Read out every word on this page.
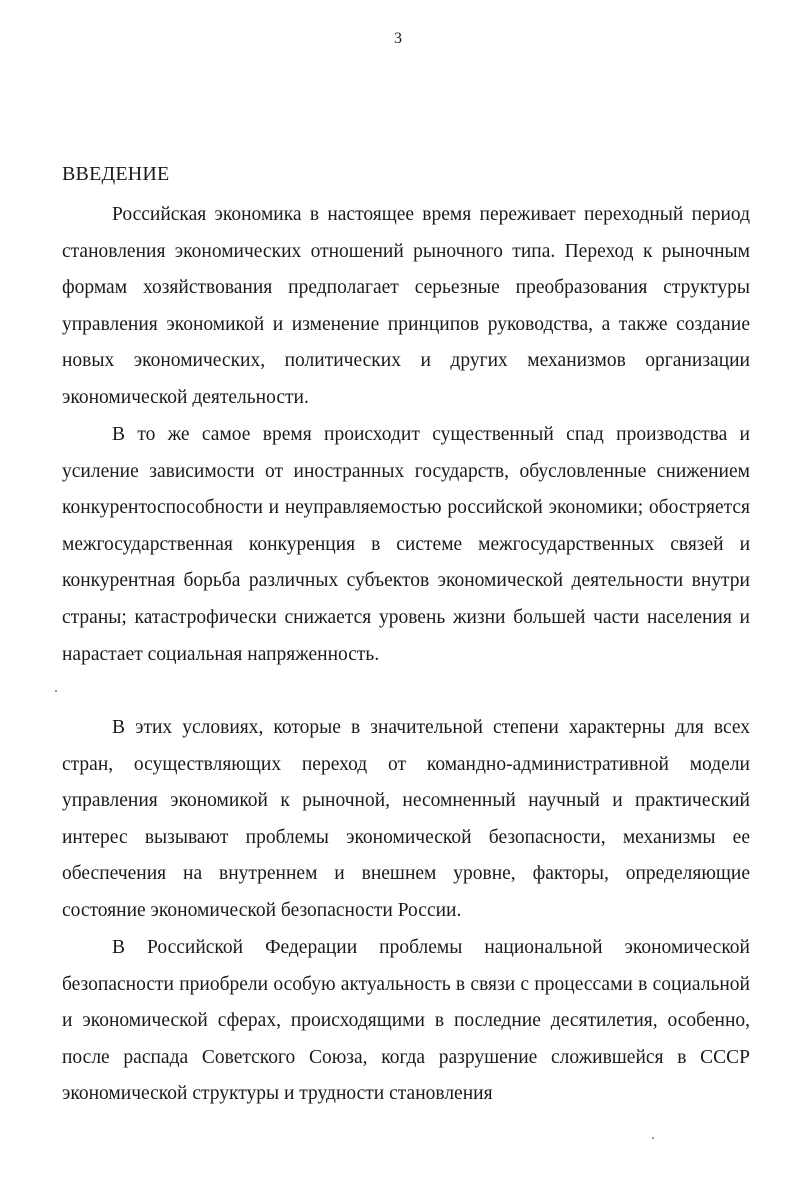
3
ВВЕДЕНИЕ

Российская экономика в настоящее время переживает переходный период становления экономических отношений рыночного типа. Переход к рыночным формам хозяйствования предполагает серьезные преобразования структуры управления экономикой и изменение принципов руководства, а также создание новых экономических, политических и других механизмов организации экономической деятельности.

В то же самое время происходит существенный спад производства и усиление зависимости от иностранных государств, обусловленные снижением конкурентоспособности и неуправляемостью российской экономики; обостряется межгосударственная конкуренция в системе межгосударственных связей и конкурентная борьба различных субъектов экономической деятельности внутри страны; катастрофически снижается уровень жизни большей части населения и нарастает социальная напряженность.

В этих условиях, которые в значительной степени характерны для всех стран, осуществляющих переход от командно-административной модели управления экономикой к рыночной, несомненный научный и практический интерес вызывают проблемы экономической безопасности, механизмы ее обеспечения на внутреннем и внешнем уровне, факторы, определяющие состояние экономической безопасности России.

В Российской Федерации проблемы национальной экономической безопасности приобрели особую актуальность в связи с процессами в социальной и экономической сферах, происходящими в последние десятилетия, особенно, после распада Советского Союза, когда разрушение сложившейся в СССР экономической структуры и трудности становления
